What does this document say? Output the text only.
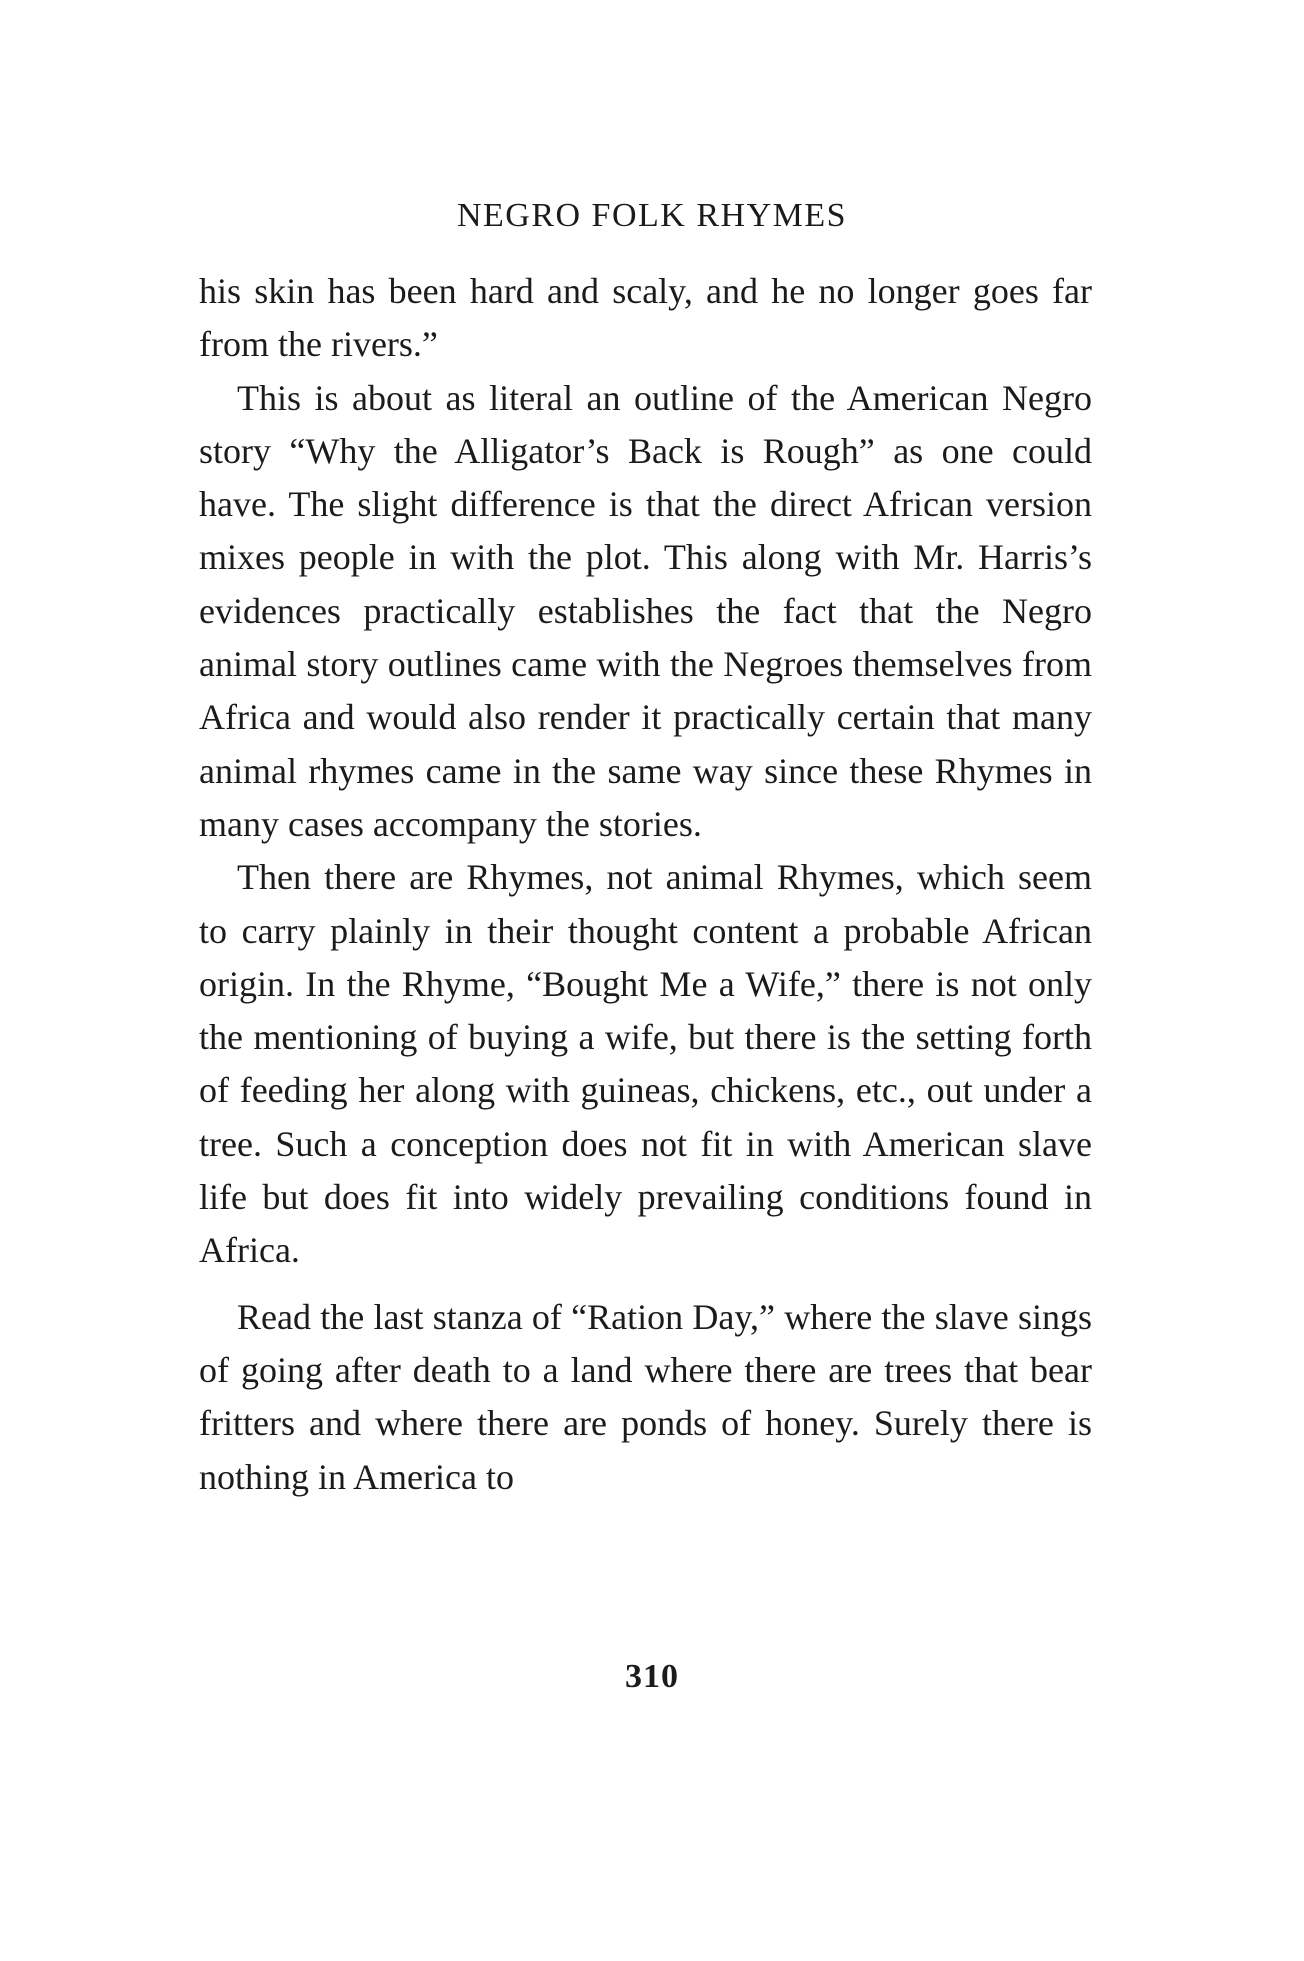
NEGRO FOLK RHYMES

his skin has been hard and scaly, and he no longer goes far from the rivers.”

This is about as literal an outline of the American Negro story “Why the Alligator’s Back is Rough” as one could have. The slight difference is that the direct African version mixes people in with the plot. This along with Mr. Harris’s evidences practically establishes the fact that the Negro animal story outlines came with the Negroes themselves from Africa and would also render it practically certain that many animal rhymes came in the same way since these Rhymes in many cases accompany the stories.

Then there are Rhymes, not animal Rhymes, which seem to carry plainly in their thought content a probable African origin. In the Rhyme, “Bought Me a Wife,” there is not only the mentioning of buying a wife, but there is the setting forth of feeding her along with guineas, chickens, etc., out under a tree. Such a conception does not fit in with American slave life but does fit into widely prevailing conditions found in Africa.

Read the last stanza of “Ration Day,” where the slave sings of going after death to a land where there are trees that bear fritters and where there are ponds of honey. Surely there is nothing in America to

310
